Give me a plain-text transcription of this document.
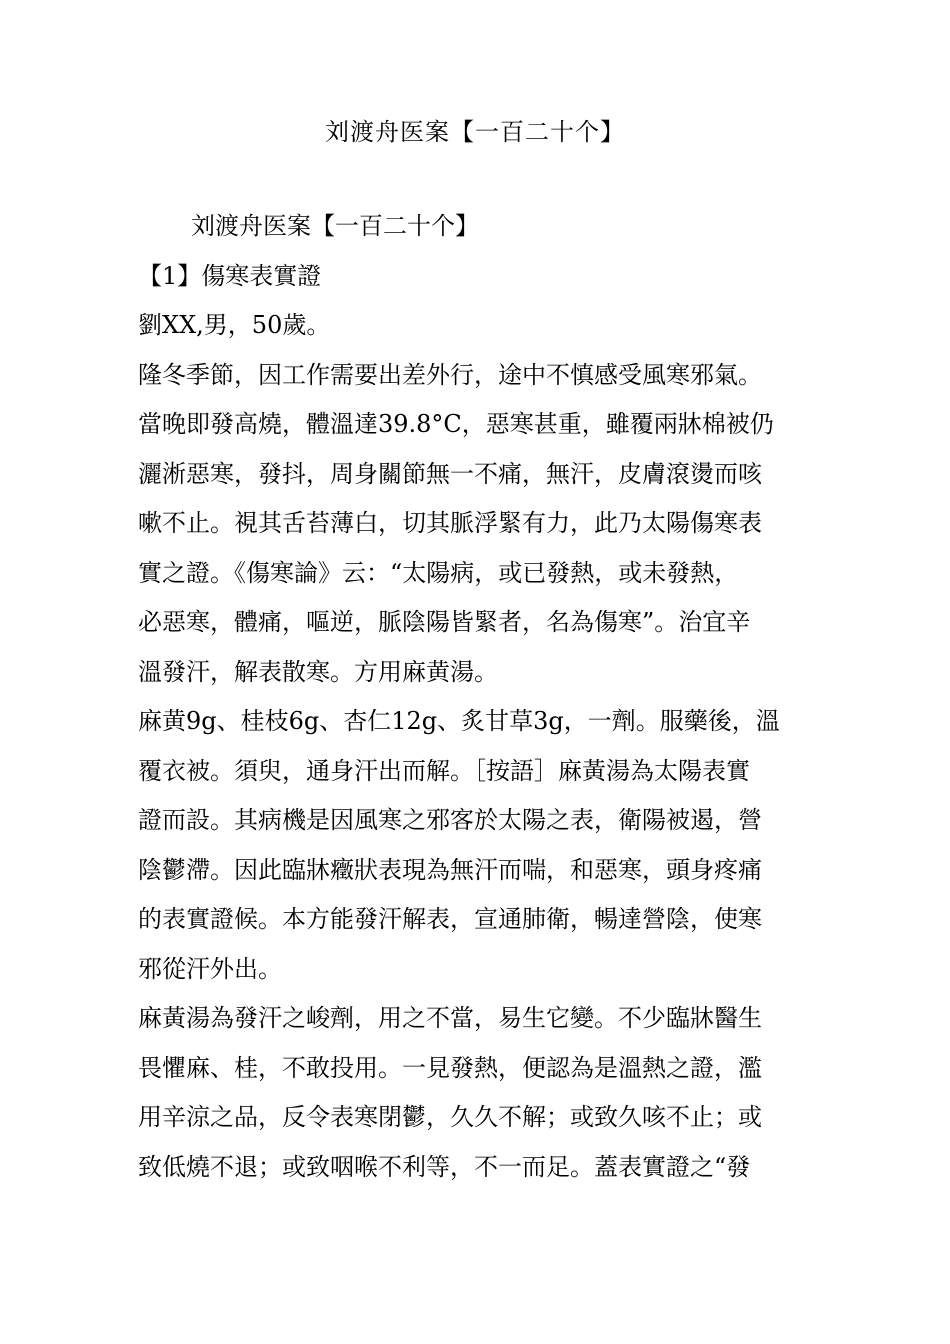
刘渡舟医案【一百二十个】
刘渡舟医案【一百二十个】
【1】傷寒表實證
劉XX,男，50歲。
隆冬季節，因工作需要出差外行，途中不慎感受風寒邪氣。
當晚即發高燒，體溫達39.8°C，惡寒甚重，雖覆兩牀棉被仍
灑淅惡寒，發抖，周身關節無一不痛，無汗，皮膚滾燙而咳
嗽不止。視其舌苔薄白，切其脈浮緊有力，此乃太陽傷寒表
實之證。《傷寒論》云：“太陽病，或已發熱，或未發熱，
必惡寒，體痛，嘔逆，脈陰陽皆緊者，名為傷寒”。治宜辛
溫發汗，解表散寒。方用麻黄湯。
麻黄9g、桂枝6g、杏仁12g、炙甘草3g，一劑。服藥後，溫
覆衣被。須臾，通身汗出而解。［按語］麻黃湯為太陽表實
證而設。其病機是因風寒之邪客於太陽之表，衛陽被遏，營
陰鬱滯。因此臨牀癥狀表現為無汗而喘，和惡寒，頭身疼痛
的表實證候。本方能發汗解表，宣通肺衛，暢達營陰，使寒
邪從汗外出。
麻黃湯為發汗之峻劑，用之不當，易生它變。不少臨牀醫生
畏懼麻、桂，不敢投用。一見發熱，便認為是溫熱之證，濫
用辛涼之品，反令表寒閉鬱，久久不解；或致久咳不止；或
致低燒不退；或致咽喉不利等，不一而足。蓋表實證之“發
